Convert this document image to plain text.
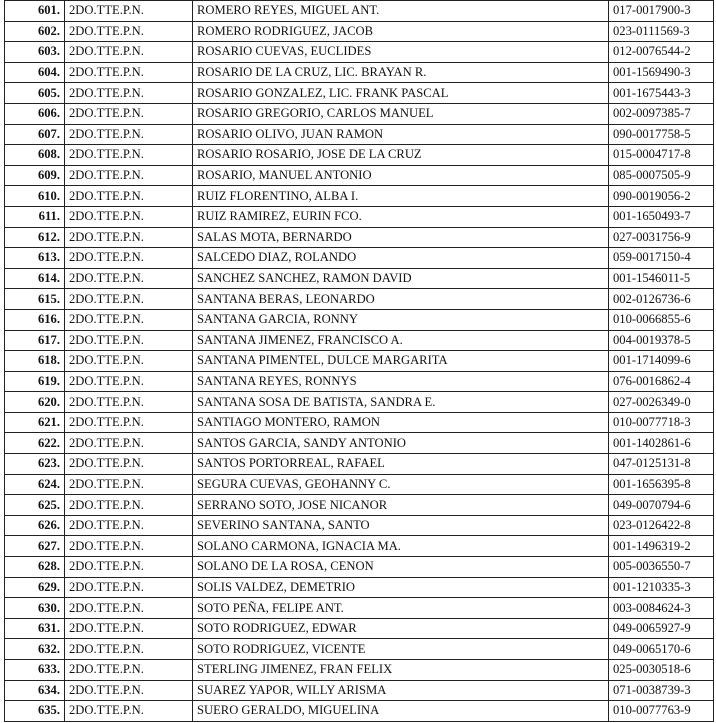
601.	2DO.TTE.P.N.	ROMERO REYES, MIGUEL ANT.	017-0017900-3
602.	2DO.TTE.P.N.	ROMERO RODRIGUEZ, JACOB	023-0111569-3
603.	2DO.TTE.P.N.	ROSARIO CUEVAS, EUCLIDES	012-0076544-2
604.	2DO.TTE.P.N.	ROSARIO DE LA CRUZ, LIC. BRAYAN R.	001-1569490-3
605.	2DO.TTE.P.N.	ROSARIO GONZALEZ, LIC. FRANK PASCAL	001-1675443-3
606.	2DO.TTE.P.N.	ROSARIO GREGORIO, CARLOS MANUEL	002-0097385-7
607.	2DO.TTE.P.N.	ROSARIO OLIVO, JUAN RAMON	090-0017758-5
608.	2DO.TTE.P.N.	ROSARIO ROSARIO, JOSE DE LA CRUZ	015-0004717-8
609.	2DO.TTE.P.N.	ROSARIO, MANUEL ANTONIO	085-0007505-9
610.	2DO.TTE.P.N.	RUIZ FLORENTINO, ALBA I.	090-0019056-2
611.	2DO.TTE.P.N.	RUIZ RAMIREZ, EURIN FCO.	001-1650493-7
612.	2DO.TTE.P.N.	SALAS MOTA, BERNARDO	027-0031756-9
613.	2DO.TTE.P.N.	SALCEDO DIAZ, ROLANDO	059-0017150-4
614.	2DO.TTE.P.N.	SANCHEZ SANCHEZ, RAMON DAVID	001-1546011-5
615.	2DO.TTE.P.N.	SANTANA BERAS, LEONARDO	002-0126736-6
616.	2DO.TTE.P.N.	SANTANA GARCIA, RONNY	010-0066855-6
617.	2DO.TTE.P.N.	SANTANA JIMENEZ, FRANCISCO A.	004-0019378-5
618.	2DO.TTE.P.N.	SANTANA PIMENTEL, DULCE MARGARITA	001-1714099-6
619.	2DO.TTE.P.N.	SANTANA REYES, RONNYS	076-0016862-4
620.	2DO.TTE.P.N.	SANTANA SOSA DE BATISTA, SANDRA E.	027-0026349-0
621.	2DO.TTE.P.N.	SANTIAGO MONTERO, RAMON	010-0077718-3
622.	2DO.TTE.P.N.	SANTOS GARCIA, SANDY ANTONIO	001-1402861-6
623.	2DO.TTE.P.N.	SANTOS PORTORREAL, RAFAEL	047-0125131-8
624.	2DO.TTE.P.N.	SEGURA CUEVAS, GEOHANNY C.	001-1656395-8
625.	2DO.TTE.P.N.	SERRANO SOTO, JOSE NICANOR	049-0070794-6
626.	2DO.TTE.P.N.	SEVERINO SANTANA, SANTO	023-0126422-8
627.	2DO.TTE.P.N.	SOLANO CARMONA, IGNACIA MA.	001-1496319-2
628.	2DO.TTE.P.N.	SOLANO DE LA ROSA, CENON	005-0036550-7
629.	2DO.TTE.P.N.	SOLIS VALDEZ, DEMETRIO	001-1210335-3
630.	2DO.TTE.P.N.	SOTO PEÑA, FELIPE ANT.	003-0084624-3
631.	2DO.TTE.P.N.	SOTO RODRIGUEZ, EDWAR	049-0065927-9
632.	2DO.TTE.P.N.	SOTO RODRIGUEZ, VICENTE	049-0065170-6
633.	2DO.TTE.P.N.	STERLING JIMENEZ, FRAN FELIX	025-0030518-6
634.	2DO.TTE.P.N.	SUAREZ YAPOR, WILLY ARISMA	071-0038739-3
635.	2DO.TTE.P.N.	SUERO GERALDO, MIGUELINA	010-0077763-9
